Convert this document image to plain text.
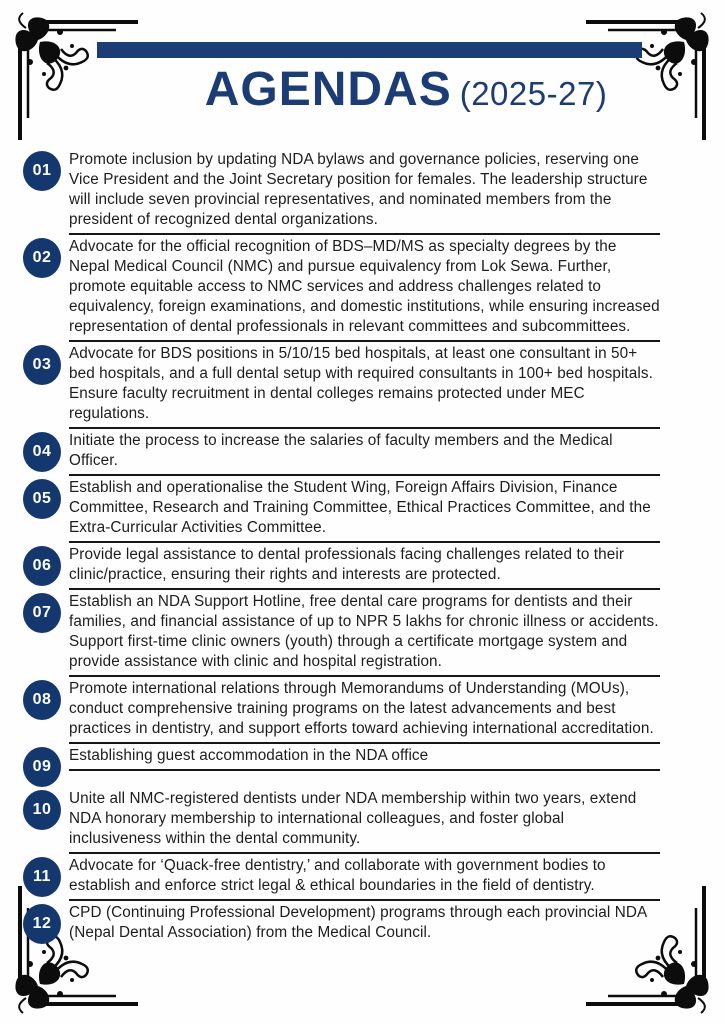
AGENDAS (2025-27)
01
Promote inclusion by updating NDA bylaws and governance policies, reserving one Vice President and the Joint Secretary position for females. The leadership structure will include seven provincial representatives, and nominated members from the president of recognized dental organizations.
02
Advocate for the official recognition of BDS–MD/MS as specialty degrees by the Nepal Medical Council (NMC) and pursue equivalency from Lok Sewa. Further, promote equitable access to NMC services and address challenges related to equivalency, foreign examinations, and domestic institutions, while ensuring increased representation of dental professionals in relevant committees and subcommittees.
03
Advocate for BDS positions in 5/10/15 bed hospitals, at least one consultant in 50+ bed hospitals, and a full dental setup with required consultants in 100+ bed hospitals. Ensure faculty recruitment in dental colleges remains protected under MEC regulations.
04
Initiate the process to increase the salaries of faculty members and the Medical Officer.
05
Establish and operationalise the Student Wing, Foreign Affairs Division, Finance Committee, Research and Training Committee, Ethical Practices Committee, and the Extra-Curricular Activities Committee.
06
Provide legal assistance to dental professionals facing challenges related to their clinic/practice, ensuring their rights and interests are protected.
07
Establish an NDA Support Hotline, free dental care programs for dentists and their families, and financial assistance of up to NPR 5 lakhs for chronic illness or accidents. Support first-time clinic owners (youth) through a certificate mortgage system and provide assistance with clinic and hospital registration.
08
Promote international relations through Memorandums of Understanding (MOUs), conduct comprehensive training programs on the latest advancements and best practices in dentistry, and support efforts toward achieving international accreditation.
09
Establishing guest accommodation in the NDA office
10
Unite all NMC-registered dentists under NDA membership within two years, extend NDA honorary membership to international colleagues, and foster global inclusiveness within the dental community.
11
Advocate for ‘Quack-free dentistry,’ and collaborate with government bodies to establish and enforce strict legal & ethical boundaries in the field of dentistry.
12
CPD (Continuing Professional Development) programs through each provincial NDA (Nepal Dental Association) from the Medical Council.
